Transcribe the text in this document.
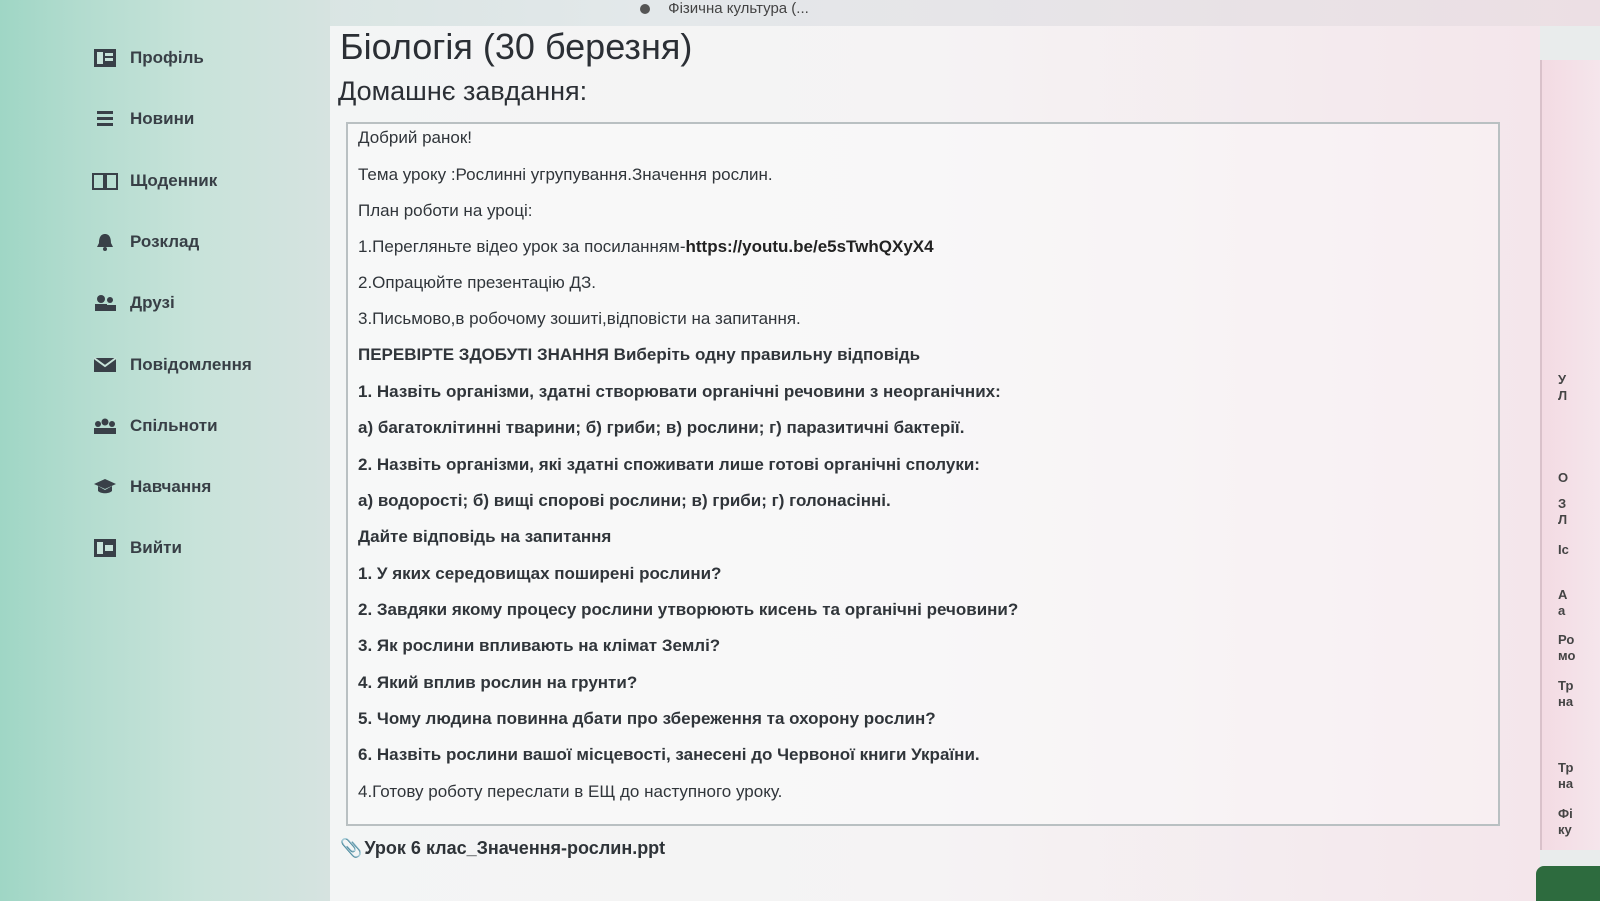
Фізична культура (...
Профіль
Новини
Щоденник
Розклад
Друзі
Повідомлення
Спільноти
Навчання
Вийти
Біологія (30 березня)
Домашнє завдання:
Добрий ранок!
Тема уроку :Рослинні угрупування.Значення рослин.
План роботи на уроці:
1.Перегляньте відео урок за посиланням-https://youtu.be/e5sTwhQXyX4
2.Опрацюйте презентацію ДЗ.
3.Письмово,в робочому зошиті,відповісти на запитання.
ПЕРЕВІРТЕ ЗДОБУТІ ЗНАННЯ Виберіть одну правильну відповідь
1. Назвіть організми, здатні створювати органічні речовини з неорганічних:
а) багатоклітинні тварини; б) гриби; в) рослини; г) паразитичні бактерії.
2. Назвіть організми, які здатні споживати лише готові органічні сполуки:
а) водорості; б) вищі спорові рослини; в) гриби; г) голонасінні.
Дайте відповідь на запитання
1. У яких середовищах поширені рослини?
2. Завдяки якому процесу рослини утворюють кисень та органічні речовини?
3. Як рослини впливають на клімат Землі?
4. Який вплив рослин на грунти?
5. Чому людина повинна дбати про збереження та охорону рослин?
6. Назвіть рослини вашої місцевості, занесені до Червоної книги України.
4.Готову роботу переслати в ЕЩ до наступного уроку.
📎 Урок 6 клас_Значення-рослин.ppt
У
Л
О
З
Л
Іс
А
а
Ро
мо
Тр
на
Тр
на
Фі
ку
